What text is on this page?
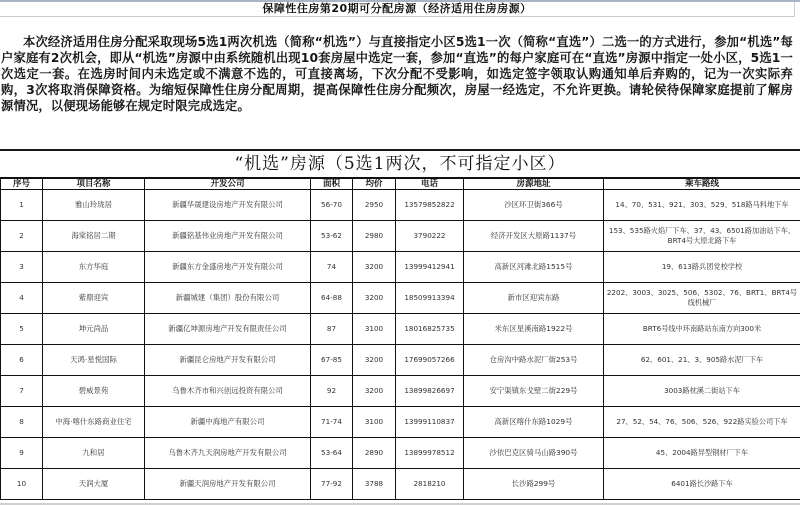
保障性住房第20期可分配房源（经济适用住房房源）
本次经济适用住房分配采取现场5选1两次机选（简称“机选”）与直接指定小区5选1一次（简称“直选”）二选一的方式进行，参加“机选”每户家庭有2次机会，即从“机选”房源中由系统随机出现10套房屋中选定一套，参加“直选”的每户家庭可在“直选”房源中指定一处小区，5选1一次选定一套。在选房时间内未选定或不满意不选的，可直接离场，下次分配不受影响，如选定签字领取认购通知单后弃购的，记为一次实际弃购，3次将取消保障资格。为缩短保障性住房分配周期，提高保障性住房分配频次，房屋一经选定，不允许更换。请轮侯待保障家庭提前了解房源情况，以便现场能够在规定时限完成选定。
“机选”房源（5选1两次，不可指定小区）
序号	项目名称	开发公司	面积	均价	电话	房源地址	乘车路线
1	雅山玲珑居	新疆华晟建设房地产开发有限公司	56-70	2950	13579852822	沙区环卫街366号	14、70、531、921、303、529、518路马料地下车
2	海棠铭居二期	新疆铭基伟业房地产开发有限公司	53-62	2980	3790222	经济开发区大原路1137号	153、535路火焰厂下车、37、43、6501路加油站下车、BRT4号大原北路下车
3	东方华庭	新疆东方金盛房地产开发有限公司	74	3200	13999412941	高新区河滩北路1515号	19、613路兵团党校学校
4	紫鼎迎宾	新疆城建（集团）股份有限公司	64-88	3200	18509913394	新市区迎宾东路	2202、3003、3025、506、5302、76、BRT1、BRT4号线机械厂
5	坤元尚品	新疆亿坤源房地产开发有限责任公司	87	3100	18016825735	米东区星溪南路1922号	BRT6号线中环南路站东南方向300米
6	天鸿·星悦国际	新疆昆仑房地产开发有限公司	67-85	3200	17699057266	仓房沟中路水泥厂街253号	62、601、21、3、905路水泥厂下车
7	碧威景苑	乌鲁木齐市和兴创远投资有限公司	92	3200	13899826697	安宁渠镇东戈壁二街229号	3003路枕溪二街站下车
8	中海·喀什东路商业住宅	新疆中海地产有限公司	71-74	3100	13999110837	高新区喀什东路1029号	27、52、54、76、506、526、922路实验公司下车
9	九和居	乌鲁木齐九天润房地产开发有限公司	53-64	2890	13899978512	沙依巴克区骑马山路390号	45、2004路异型钢材厂下车
10	天润大厦	新疆天润房地产开发有限公司	77-92	3788	2818210	长沙路299号	6401路长沙路下车
